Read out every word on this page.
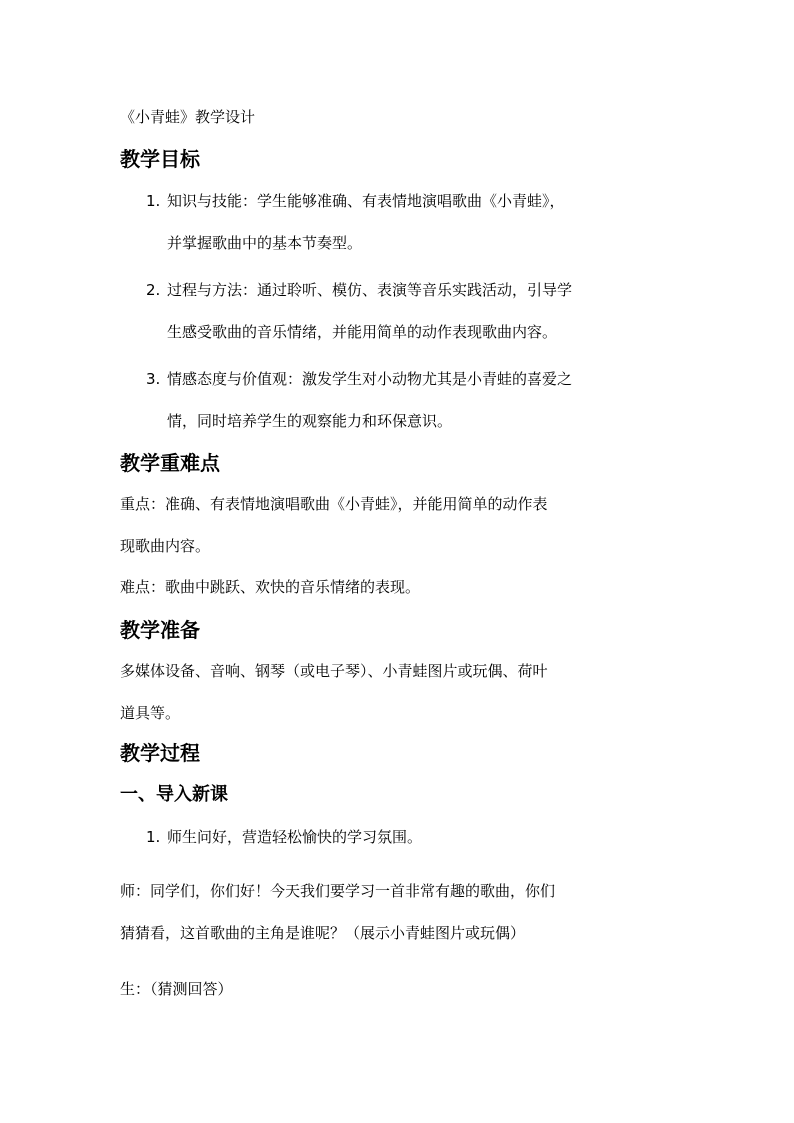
《小青蛙》教学设计
教学目标
1. 知识与技能：学生能够准确、有表情地演唱歌曲《小青蛙》，
并掌握歌曲中的基本节奏型。
2. 过程与方法：通过聆听、模仿、表演等音乐实践活动，引导学
生感受歌曲的音乐情绪，并能用简单的动作表现歌曲内容。
3. 情感态度与价值观：激发学生对小动物尤其是小青蛙的喜爱之
情，同时培养学生的观察能力和环保意识。
教学重难点
重点：准确、有表情地演唱歌曲《小青蛙》，并能用简单的动作表
现歌曲内容。
难点：歌曲中跳跃、欢快的音乐情绪的表现。
教学准备
多媒体设备、音响、钢琴（或电子琴）、小青蛙图片或玩偶、荷叶
道具等。
教学过程
一、导入新课
1. 师生问好，营造轻松愉快的学习氛围。
师：同学们，你们好！今天我们要学习一首非常有趣的歌曲，你们
猜猜看，这首歌曲的主角是谁呢？（展示小青蛙图片或玩偶）
生：（猜测回答）
